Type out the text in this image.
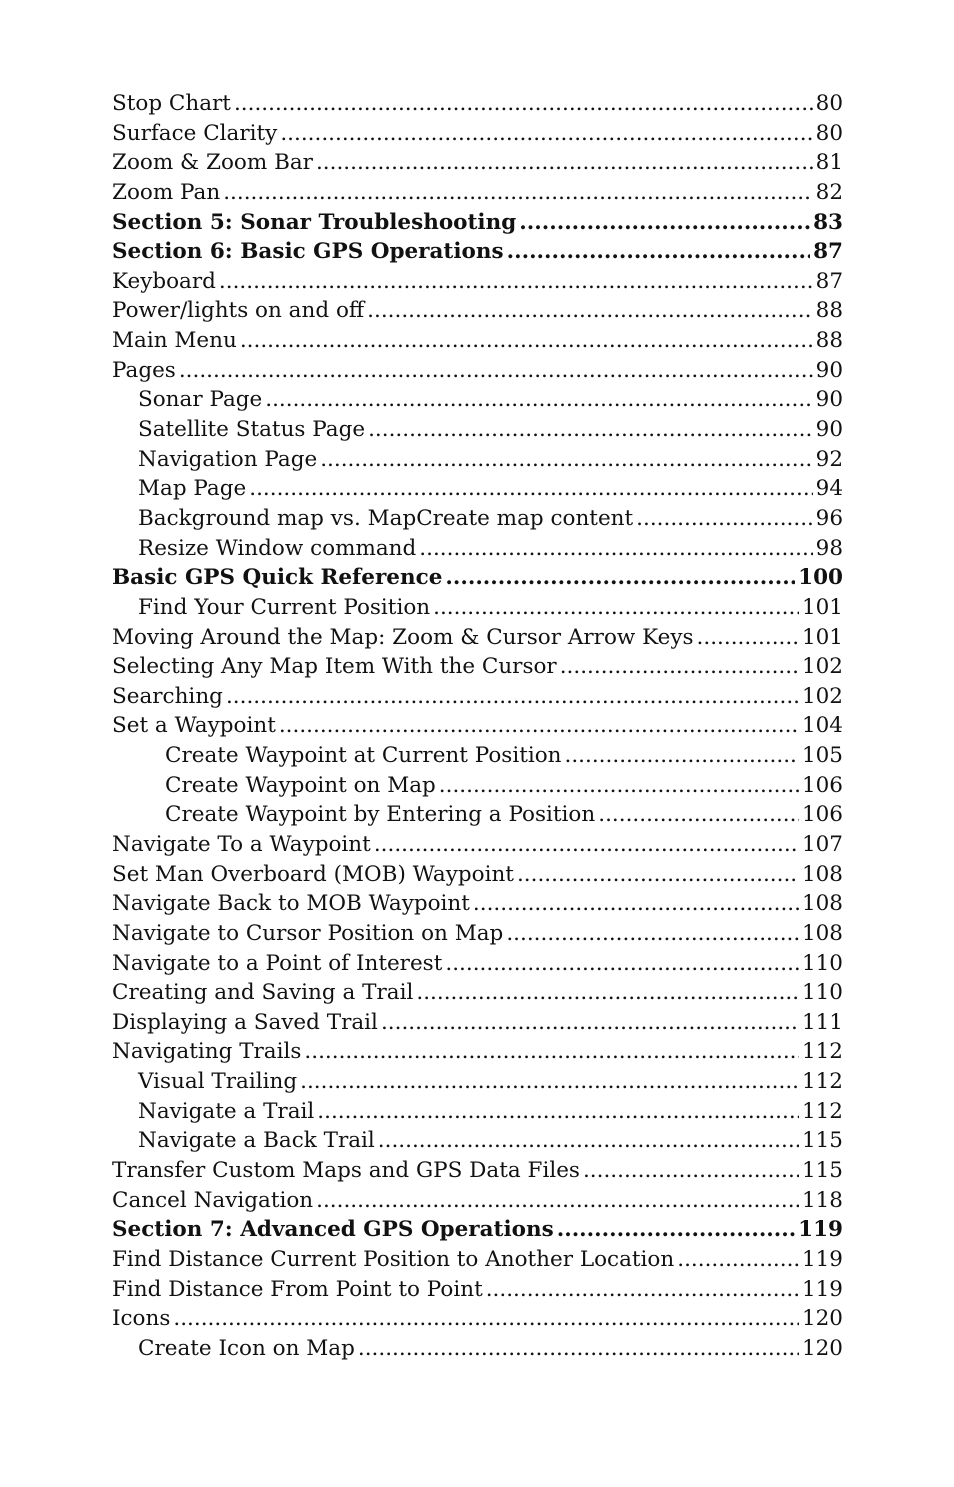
Stop Chart .....	80
Surface Clarity .....	80
Zoom & Zoom Bar .....	81
Zoom Pan .....	82
Section 5: Sonar Troubleshooting .....	83
Section 6: Basic GPS Operations .....	87
Keyboard .....	87
Power/lights on and off .....	88
Main Menu .....	88
Pages .....	90
Sonar Page .....	90
Satellite Status Page .....	90
Navigation Page .....	92
Map Page .....	94
Background map vs. MapCreate map content .....	96
Resize Window command .....	98
Basic GPS Quick Reference .....	100
Find Your Current Position .....	101
Moving Around the Map: Zoom & Cursor Arrow Keys .....	101
Selecting Any Map Item With the Cursor .....	102
Searching .....	102
Set a Waypoint .....	104
Create Waypoint at Current Position .....	105
Create Waypoint on Map .....	106
Create Waypoint by Entering a Position .....	106
Navigate To a Waypoint .....	107
Set Man Overboard (MOB) Waypoint .....	108
Navigate Back to MOB Waypoint .....	108
Navigate to Cursor Position on Map .....	108
Navigate to a Point of Interest .....	110
Creating and Saving a Trail .....	110
Displaying a Saved Trail .....	111
Navigating Trails .....	112
Visual Trailing .....	112
Navigate a Trail .....	112
Navigate a Back Trail .....	115
Transfer Custom Maps and GPS Data Files .....	115
Cancel Navigation .....	118
Section 7: Advanced GPS Operations .....	119
Find Distance Current Position to Another Location .....	119
Find Distance From Point to Point .....	119
Icons .....	120
Create Icon on Map .....	120
